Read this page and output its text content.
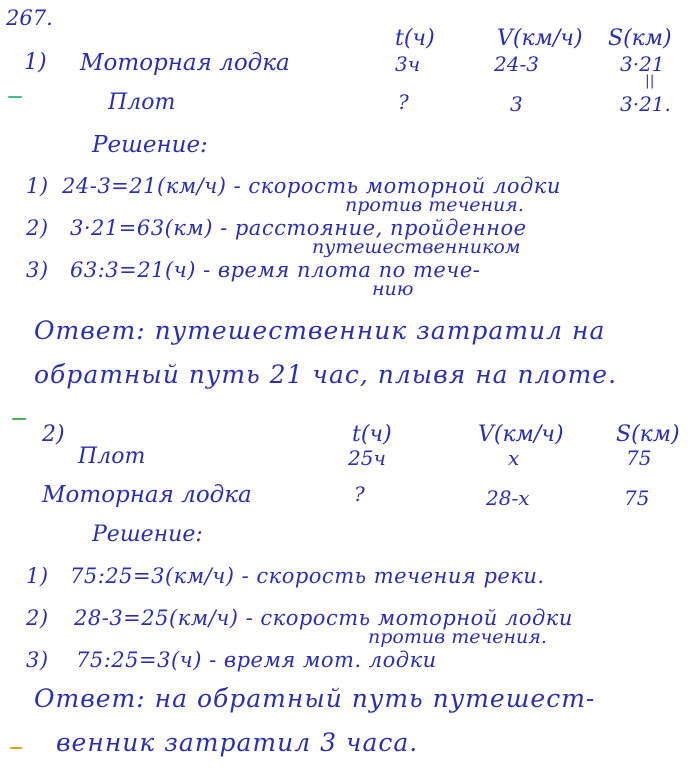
267.
1)
t(ч)	V(км/ч) S(км)
Моторная лодка	3ч	24-3	3·21
||
Плот	?	3	3·21.
Решение:
1) 24-3=21(км/ч) - скорость моторной лодки
против течения.
2) 3·21=63(км) - расстояние, пройденное
путешественником
3) 63:3=21(ч) - время плота по тече-
нию
Ответ: путешественник затратил на
обратный путь 21 час, плывя на плоте.
2)	t(ч)	V(км/ч) S(км)
Плот	25ч	x	75
Моторная лодка	?	28-x	75
Решение:
1) 75:25=3(км/ч) - скорость течения реки.
2) 28-3=25(км/ч) - скорость моторной лодки
против течения.
3) 75:25=3(ч) - время мот. лодки
Ответ: на обратный путь путешест-
венник затратил 3 часа.
